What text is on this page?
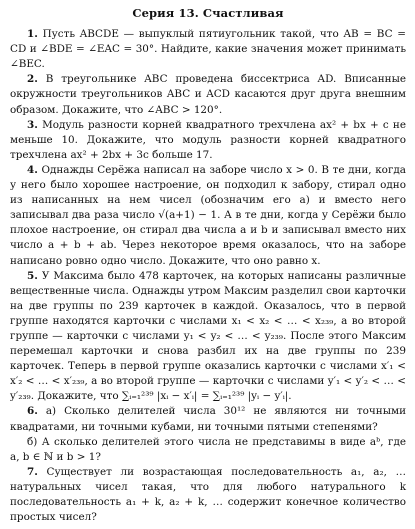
Серия 13. Счастливая

1. Пусть ABCDE — выпуклый пятиугольник такой, что AB = BC = CD и ∠BDE = ∠EAC = 30°. Найдите, какие значения может принимать ∠BEC.

2. В треугольнике ABC проведена биссектриса AD. Вписанные окружности треугольников ABC и ACD касаются друг друга внешним образом. Докажите, что ∠ABC > 120°.

3. Модуль разности корней квадратного трехчлена ax² + bx + c не меньше 10. Докажите, что модуль разности корней квадратного трехчлена ax² + 2bx + 3c больше 17.

4. Однажды Серёжа написал на заборе число x > 0. В те дни, когда у него было хорошее настроение, он подходил к забору, стирал одно из написанных на нем чисел (обозначим его a) и вместо него записывал два раза число √(a+1) − 1. А в те дни, когда у Серёжи было плохое настроение, он стирал два числа a и b и записывал вместо них число a + b + ab. Через некоторое время оказалось, что на заборе написано ровно одно число. Докажите, что оно равно x.

5. У Максима было 478 карточек, на которых написаны различные вещественные числа. Однажды утром Максим разделил свои карточки на две группы по 239 карточек в каждой. Оказалось, что в первой группе находятся карточки с числами x₁ < x₂ < … < x₂₃₉, а во второй группе — карточки с числами y₁ < y₂ < … < y₂₃₉. После этого Максим перемешал карточки и снова разбил их на две группы по 239 карточек. Теперь в первой группе оказались карточки с числами x′₁ < x′₂ < … < x′₂₃₉, а во второй группе — карточки с числами y′₁ < y′₂ < … < y′₂₃₉. Докажите, что ∑ᵢ₌₁²³⁹ |xᵢ − x′ᵢ| = ∑ᵢ₌₁²³⁹ |yᵢ − y′ᵢ|.

6. а) Сколько делителей числа 30¹² не являются ни точными квадратами, ни точными кубами, ни точными пятыми степенями?

б) А сколько делителей этого числа не представимы в виде aᵇ, где a, b ∈ ℕ и b > 1?

7. Существует ли возрастающая последовательность a₁, a₂, … натуральных чисел такая, что для любого натурального k последовательность a₁ + k, a₂ + k, … содержит конечное количество простых чисел?
